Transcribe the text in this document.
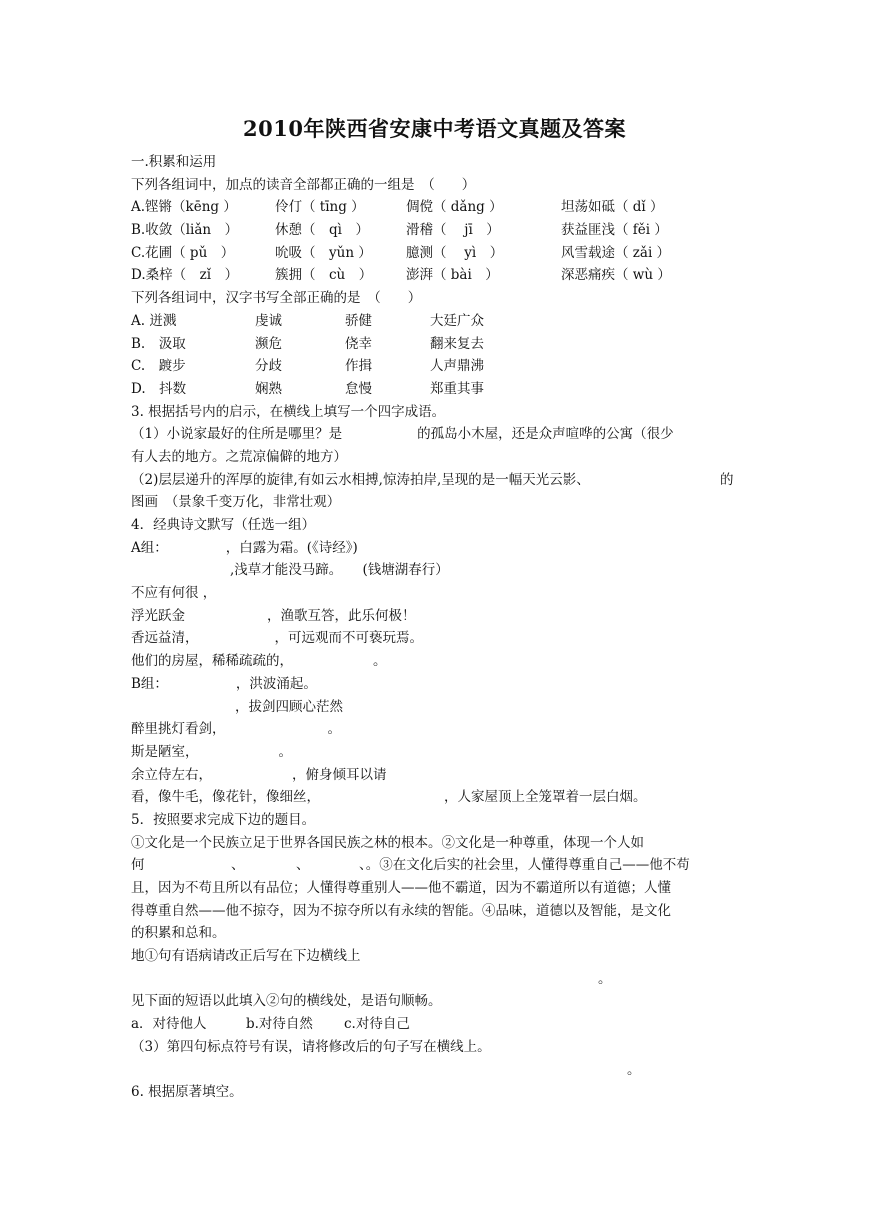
2010年陕西省安康中考语文真题及答案
一.积累和运用
下列各组词中，加点的读音全部都正确的一组是　（　　）
A.铿锵（kēng ）	伶仃（ tīng ）	倜傥（ dǎng ）	坦荡如砥（ dǐ ）
B.收敛（liǎn　）	休憩（　qì　）	滑稽（　 jī　）	获益匪浅（ fěi ）
C.花圃（ pǔ　）	吮吸（　yǔn ）	臆测（　 yì　）	风雪载途（ zǎi ）
D.桑梓（　zǐ　）	簇拥（　cù　） 澎湃（ bài　）	深恶痛疾（ wù ）
下列各组词中，汉字书写全部正确的是　（　　）
A. 迸溅	虔诚	骄健	大廷广众
B.　汲取	濒危	侥幸	翻来复去
C.　踱步	分歧	作揖	人声鼎沸
D.　抖数	娴熟	怠慢	郑重其事
3. 根据括号内的启示，在横线上填写一个四字成语。
（1）小说家最好的住所是哪里？是	的孤岛小木屋，还是众声喧哗的公寓（很少
有人去的地方。之荒凉偏僻的地方）
（2)层层递升的浑厚的旋律,有如云水相搏,惊涛拍岸,呈现的是一幅天光云影、	的
图画　（景象千变万化，非常壮观）
4．经典诗文默写（任选一组）
A组：	，白露为霜。(《诗经》)
,浅草才能没马蹄。　　(钱塘湖春行）
不应有何很 ，
浮光跃金	，渔歌互答，此乐何极！
香远益清，	，可远观而不可亵玩焉。
他们的房屋，稀稀疏疏的，	。
B组：	，洪波涌起。
，拔剑四顾心茫然
醉里挑灯看剑，	。
斯是陋室，	。
余立侍左右，	，俯身倾耳以请
看，像牛毛，像花针，像细丝，	，人家屋顶上全笼罩着一层白烟。
5．按照要求完成下边的题目。
①文化是一个民族立足于世界各国民族之林的根本。②文化是一种尊重，体现一个人如
何	、	、	、。③在文化后实的社会里，人懂得尊重自己——他不苟
且，因为不苟且所以有品位；人懂得尊重别人——他不霸道，因为不霸道所以有道德；人懂
得尊重自然——他不掠夺，因为不掠夺所以有永续的智能。④品味，道德以及智能，是文化
的积累和总和。
地①句有语病请改正后写在下边横线上
。
见下面的短语以此填入②句的横线处，是语句顺畅。
a．对待他人	b.对待自然 c.对待自己
（3）第四句标点符号有误，请将修改后的句子写在横线上。
。
6. 根据原著填空。
